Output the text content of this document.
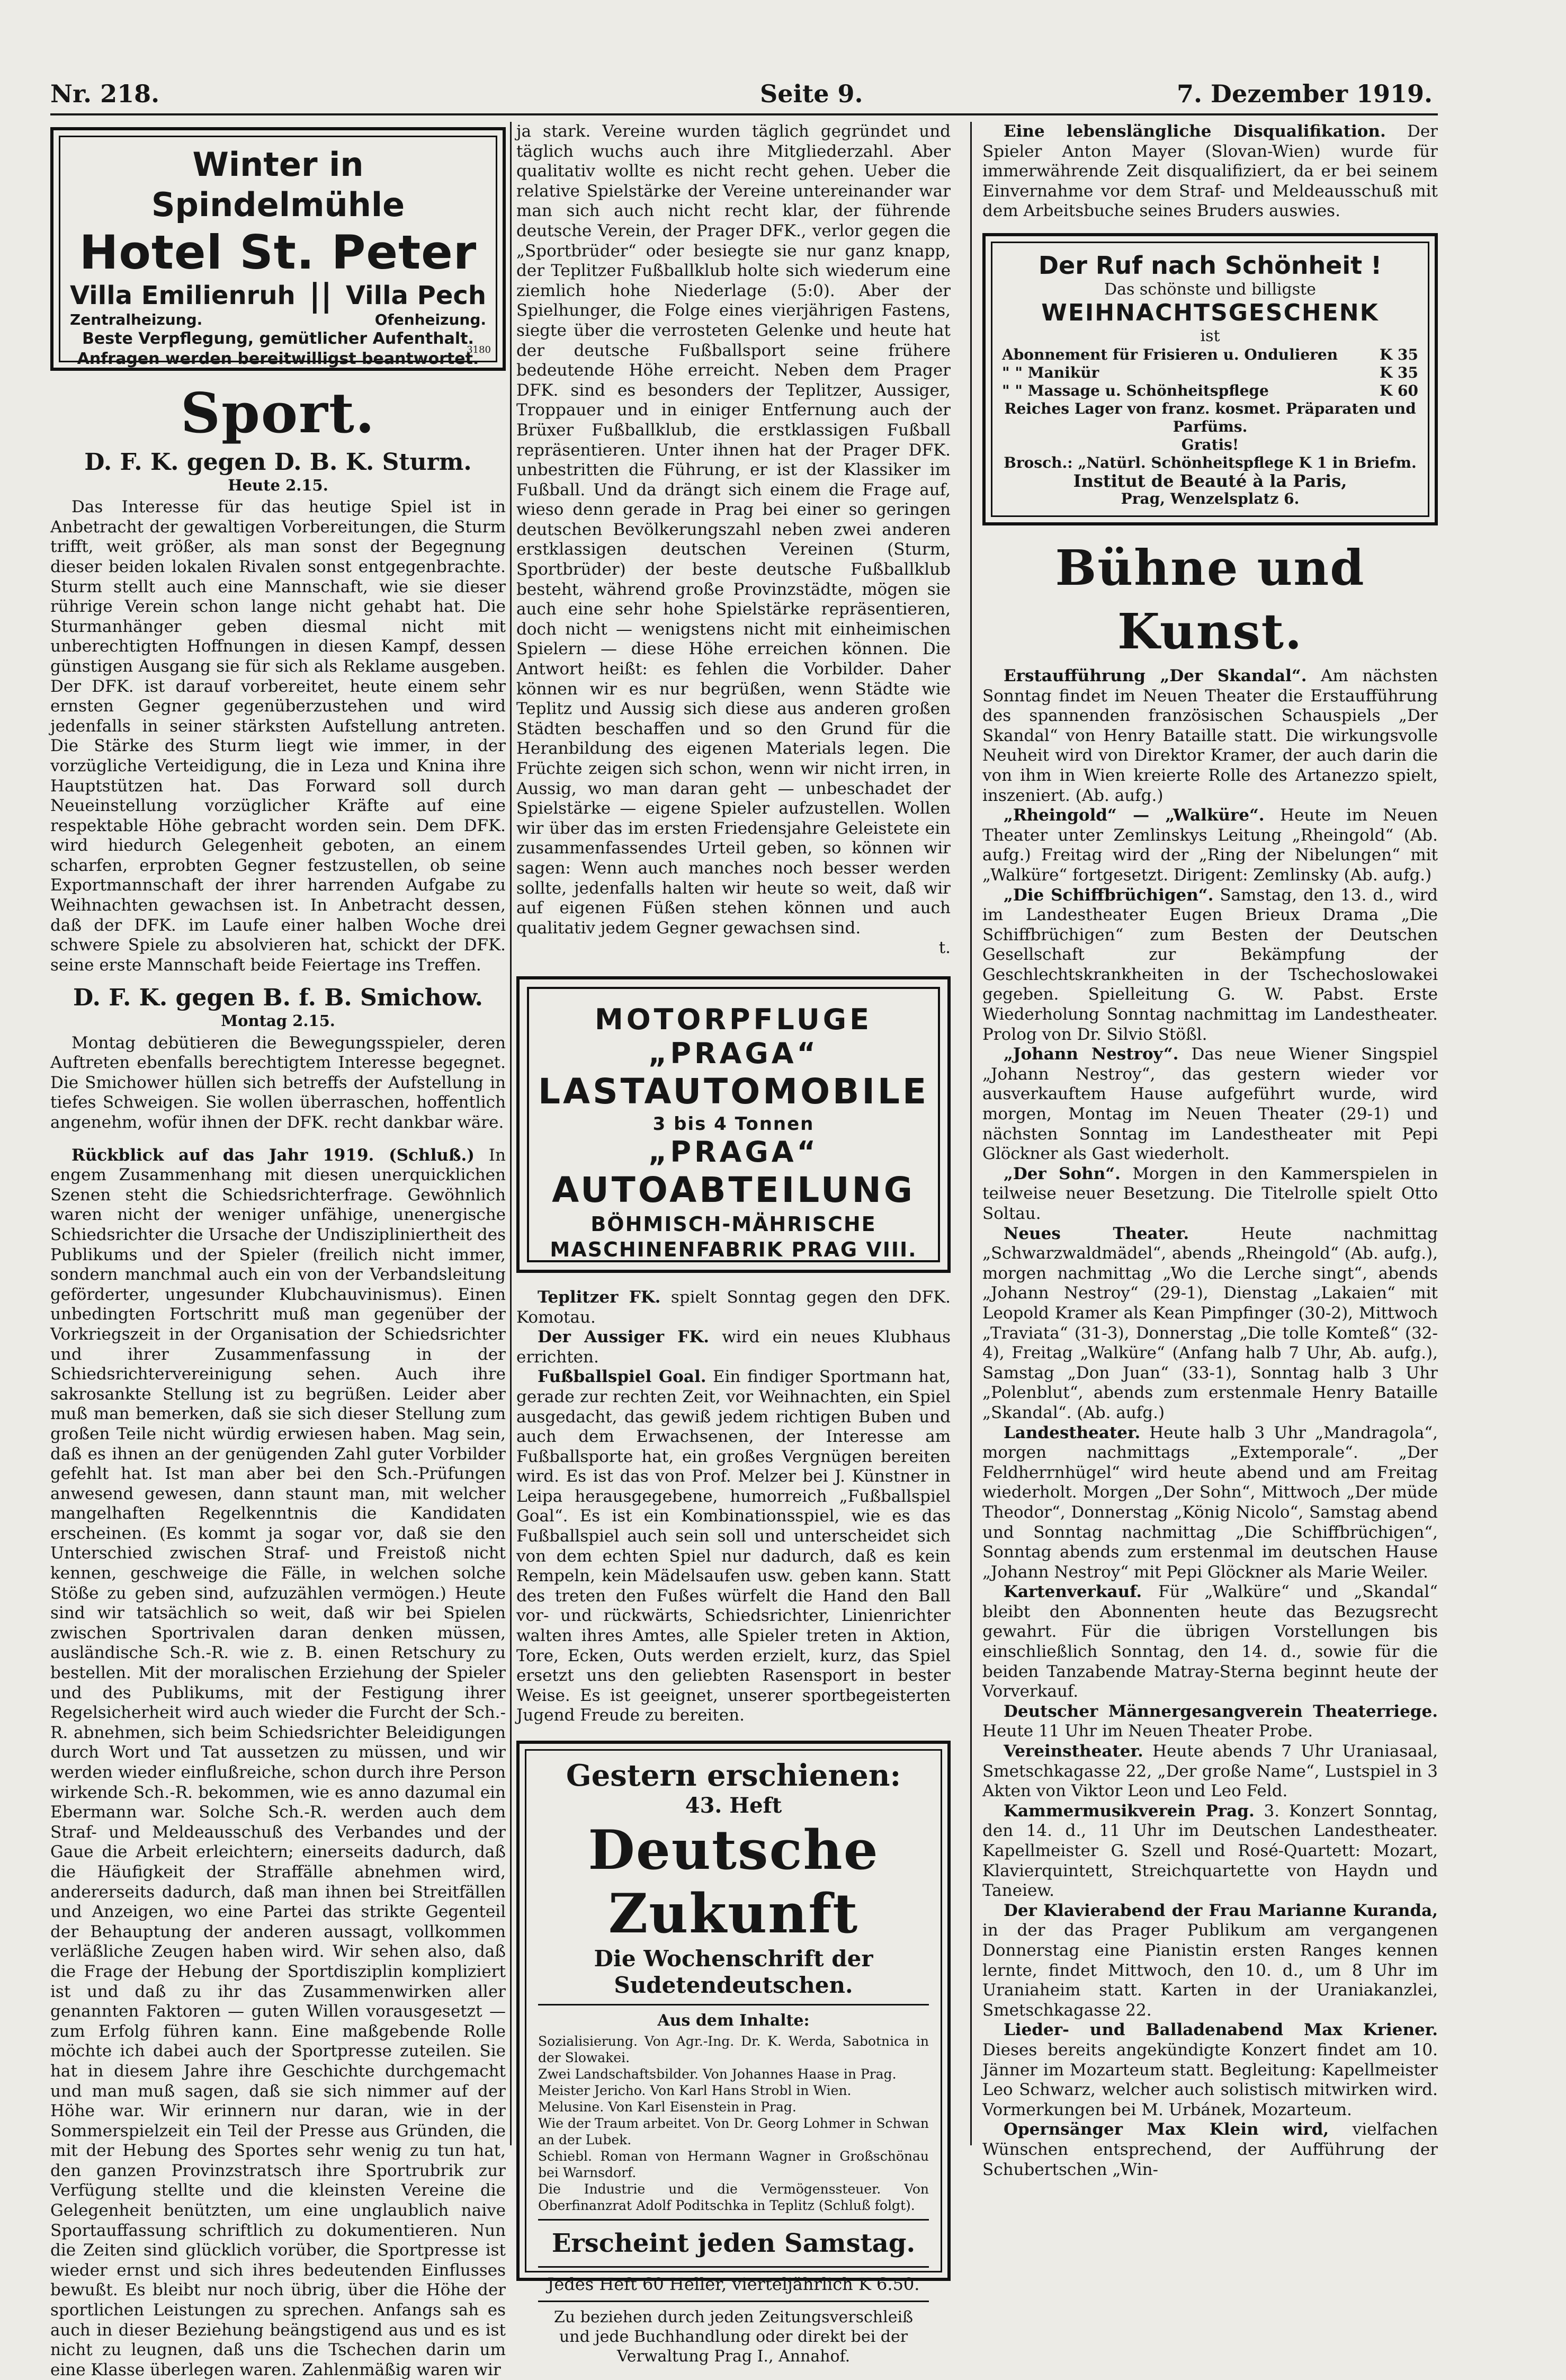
Nr. 218.	Seite 9.	7. Dezember 1919.
Winter in Spindelmühle
Hotel St. Peter
Villa Emilienruh || Villa Pech
Zentralheizung.	Ofenheizung.
Beste Verpflegung, gemütlicher Aufenthalt.
Anfragen werden bereitwilligst beantwortet.
3180
Sport.
D. F. K. gegen D. B. K. Sturm.
Heute 2.15.

Das Interesse für das heutige Spiel ist in Anbetracht der gewaltigen Vorbereitungen, die Sturm trifft, weit größer, als man sonst der Begegnung dieser beiden lokalen Rivalen sonst entgegenbrachte. Sturm stellt auch eine Mannschaft, wie sie dieser rührige Verein schon lange nicht gehabt hat. Die Sturmanhänger geben diesmal nicht mit unberechtigten Hoffnungen in diesen Kampf, dessen günstigen Ausgang sie für sich als Reklame ausgeben. Der DFK. ist darauf vorbereitet, heute einem sehr ernsten Gegner gegenüberzustehen und wird jedenfalls in seiner stärksten Aufstellung antreten. Die Stärke des Sturm liegt wie immer, in der vorzügliche Verteidigung, die in Leza und Knina ihre Hauptstützen hat. Das Forward soll durch Neueinstellung vorzüglicher Kräfte auf eine respektable Höhe gebracht worden sein. Dem DFK. wird hiedurch Gelegenheit geboten, an einem scharfen, erprobten Gegner festzustellen, ob seine Exportmannschaft der ihrer harrenden Aufgabe zu Weihnachten gewachsen ist. In Anbetracht dessen, daß der DFK. im Laufe einer halben Woche drei schwere Spiele zu absolvieren hat, schickt der DFK. seine erste Mannschaft beide Feiertage ins Treffen.

D. F. K. gegen B. f. B. Smichow.
Montag 2.15.

Montag debütieren die Bewegungsspieler, deren Auftreten ebenfalls berechtigtem Interesse begegnet. Die Smichower hüllen sich betreffs der Aufstellung in tiefes Schweigen. Sie wollen überraschen, hoffentlich angenehm, wofür ihnen der DFK. recht dankbar wäre.

Rückblick auf das Jahr 1919. (Schluß.) In engem Zusammenhang mit diesen unerquicklichen Szenen steht die Schiedsrichterfrage. Gewöhnlich waren nicht der weniger unfähige, unenergische Schiedsrichter die Ursache der Undiszipliniertheit des Publikums und der Spieler (freilich nicht immer, sondern manchmal auch ein von der Verbandsleitung geförderter, ungesunder Klubchauvinismus). Einen unbedingten Fortschritt muß man gegenüber der Vorkriegszeit in der Organisation der Schiedsrichter und ihrer Zusammenfassung in der Schiedsrichtervereinigung sehen. Auch ihre sakrosankte Stellung ist zu begrüßen. Leider aber muß man bemerken, daß sie sich dieser Stellung zum großen Teile nicht würdig erwiesen haben. Mag sein, daß es ihnen an der genügenden Zahl guter Vorbilder gefehlt hat. Ist man aber bei den Sch.-Prüfungen anwesend gewesen, dann staunt man, mit welcher mangelhaften Regelkenntnis die Kandidaten erscheinen. (Es kommt ja sogar vor, daß sie den Unterschied zwischen Straf- und Freistoß nicht kennen, geschweige die Fälle, in welchen solche Stöße zu geben sind, aufzuzählen vermögen.) Heute sind wir tatsächlich so weit, daß wir bei Spielen zwischen Sportrivalen daran denken müssen, ausländische Sch.-R. wie z. B. einen Retschury zu bestellen. Mit der moralischen Erziehung der Spieler und des Publikums, mit der Festigung ihrer Regelsicherheit wird auch wieder die Furcht der Sch.-R. abnehmen, sich beim Schiedsrichter Beleidigungen durch Wort und Tat aussetzen zu müssen, und wir werden wieder einflußreiche, schon durch ihre Person wirkende Sch.-R. bekommen, wie es anno dazumal ein Ebermann war. Solche Sch.-R. werden auch dem Straf- und Meldeausschuß des Verbandes und der Gaue die Arbeit erleichtern; einerseits dadurch, daß die Häufigkeit der Straffälle abnehmen wird, andererseits dadurch, daß man ihnen bei Streitfällen und Anzeigen, wo eine Partei das strikte Gegenteil der Behauptung der anderen aussagt, vollkommen verläßliche Zeugen haben wird. Wir sehen also, daß die Frage der Hebung der Sportdisziplin kompliziert ist und daß zu ihr das Zusammenwirken aller genannten Faktoren — guten Willen vorausgesetzt — zum Erfolg führen kann. Eine maßgebende Rolle möchte ich dabei auch der Sportpresse zuteilen. Sie hat in diesem Jahre ihre Geschichte durchgemacht und man muß sagen, daß sie sich nimmer auf der Höhe war. Wir erinnern nur daran, wie in der Sommerspielzeit ein Teil der Presse aus Gründen, die mit der Hebung des Sportes sehr wenig zu tun hat, den ganzen Provinzstratsch ihre Sportrubrik zur Verfügung stellte und die kleinsten Vereine die Gelegenheit benützten, um eine unglaublich naive Sportauffassung schriftlich zu dokumentieren. Nun die Zeiten sind glücklich vorüber, die Sportpresse ist wieder ernst und sich ihres bedeutenden Einflusses bewußt. Es bleibt nur noch übrig, über die Höhe der sportlichen Leistungen zu sprechen. Anfangs sah es auch in dieser Beziehung beängstigend aus und es ist nicht zu leugnen, daß uns die Tschechen darin um eine Klasse überlegen waren. Zahlenmäßig waren wir

ja stark. Vereine wurden täglich gegründet und täglich wuchs auch ihre Mitgliederzahl. Aber qualitativ wollte es nicht recht gehen. Ueber die relative Spielstärke der Vereine untereinander war man sich auch nicht recht klar, der führende deutsche Verein, der Prager DFK., verlor gegen die „Sportbrüder“ oder besiegte sie nur ganz knapp, der Teplitzer Fußballklub holte sich wiederum eine ziemlich hohe Niederlage (5:0). Aber der Spielhunger, die Folge eines vierjährigen Fastens, siegte über die verrosteten Gelenke und heute hat der deutsche Fußballsport seine frühere bedeutende Höhe erreicht. Neben dem Prager DFK. sind es besonders der Teplitzer, Aussiger, Troppauer und in einiger Entfernung auch der Brüxer Fußballklub, die erstklassigen Fußball repräsentieren. Unter ihnen hat der Prager DFK. unbestritten die Führung, er ist der Klassiker im Fußball. Und da drängt sich einem die Frage auf, wieso denn gerade in Prag bei einer so geringen deutschen Bevölkerungszahl neben zwei anderen erstklassigen deutschen Vereinen (Sturm, Sportbrüder) der beste deutsche Fußballklub besteht, während große Provinzstädte, mögen sie auch eine sehr hohe Spielstärke repräsentieren, doch nicht — wenigstens nicht mit einheimischen Spielern — diese Höhe erreichen können. Die Antwort heißt: es fehlen die Vorbilder. Daher können wir es nur begrüßen, wenn Städte wie Teplitz und Aussig sich diese aus anderen großen Städten beschaffen und so den Grund für die Heranbildung des eigenen Materials legen. Die Früchte zeigen sich schon, wenn wir nicht irren, in Aussig, wo man daran geht — unbeschadet der Spielstärke — eigene Spieler aufzustellen. Wollen wir über das im ersten Friedensjahre Geleistete ein zusammenfassendes Urteil geben, so können wir sagen: Wenn auch manches noch besser werden sollte, jedenfalls halten wir heute so weit, daß wir auf eigenen Füßen stehen können und auch qualitativ jedem Gegner gewachsen sind.

t.

MOTORPFLUGE
„PRAGA“
LASTAUTOMOBILE
3 bis 4 Tonnen
„PRAGA“
AUTOABTEILUNG
BÖHMISCH-MÄHRISCHE
MASCHINENFABRIK PRAG VIII.

Teplitzer FK. spielt Sonntag gegen den DFK. Komotau.

Der Aussiger FK. wird ein neues Klubhaus errichten.

Fußballspiel Goal. Ein findiger Sportmann hat, gerade zur rechten Zeit, vor Weihnachten, ein Spiel ausgedacht, das gewiß jedem richtigen Buben und auch dem Erwachsenen, der Interesse am Fußballsporte hat, ein großes Vergnügen bereiten wird. Es ist das von Prof. Melzer bei J. Künstner in Leipa herausgegebene, humorreich „Fußballspiel Goal“. Es ist ein Kombinationsspiel, wie es das Fußballspiel auch sein soll und unterscheidet sich von dem echten Spiel nur dadurch, daß es kein Rempeln, kein Mädelsaufen usw. geben kann. Statt des treten den Fußes würfelt die Hand den Ball vor- und rückwärts, Schiedsrichter, Linienrichter walten ihres Amtes, alle Spieler treten in Aktion, Tore, Ecken, Outs werden erzielt, kurz, das Spiel ersetzt uns den geliebten Rasensport in bester Weise. Es ist geeignet, unserer sportbegeisterten Jugend Freude zu bereiten.

Gestern erschienen:
43. Heft
Deutsche Zukunft
Die Wochenschrift der Sudetendeutschen.
Aus dem Inhalte:
Sozialisierung. Von Agr.-Ing. Dr. K. Werda, Sabotnica in der Slowakei.
Zwei Landschaftsbilder. Von Johannes Haase in Prag.
Meister Jericho. Von Karl Hans Strobl in Wien.
Melusine. Von Karl Eisenstein in Prag.
Wie der Traum arbeitet. Von Dr. Georg Lohmer in Schwan an der Lubek.
Schiebl. Roman von Hermann Wagner in Großschönau bei Warnsdorf.
Die Industrie und die Vermögenssteuer. Von Oberfinanzrat Adolf Poditschka in Teplitz (Schluß folgt).
Erscheint jeden Samstag.
Jedes Heft 60 Heller, vierteljährlich K 6.50.
Zu beziehen durch jeden Zeitungsverschleiß und jede Buchhandlung oder direkt bei der Verwaltung Prag I., Annahof.

Eine lebenslängliche Disqualifikation. Der Spieler Anton Mayer (Slovan-Wien) wurde für immerwährende Zeit disqualifiziert, da er bei seinem Einvernahme vor dem Straf- und Meldeausschuß mit dem Arbeitsbuche seines Bruders auswies.

Der Ruf nach Schönheit !
Das schönste und billigste
WEIHNACHTSGESCHENK
ist
Abonnement für Frisieren u. Ondulieren	K 35
" " Manikür	K 35
" " Massage u. Schönheitspflege	K 60
Reiches Lager von franz. kosmet. Präparaten und Parfüms.
Gratis!
Brosch.: „Natürl. Schönheitspflege K 1 in Briefm.
Institut de Beauté à la Paris,
Prag, Wenzelsplatz 6.
Bühne und Kunst.

Erstaufführung „Der Skandal“. Am nächsten Sonntag findet im Neuen Theater die Erstaufführung des spannenden französischen Schauspiels „Der Skandal“ von Henry Bataille statt. Die wirkungsvolle Neuheit wird von Direktor Kramer, der auch darin die von ihm in Wien kreierte Rolle des Artanezzo spielt, inszeniert. (Ab. aufg.)

„Rheingold“ — „Walküre“. Heute im Neuen Theater unter Zemlinskys Leitung „Rheingold“ (Ab. aufg.) Freitag wird der „Ring der Nibelungen“ mit „Walküre“ fortgesetzt. Dirigent: Zemlinsky (Ab. aufg.)

„Die Schiffbrüchigen“. Samstag, den 13. d., wird im Landestheater Eugen Brieux Drama „Die Schiffbrüchigen“ zum Besten der Deutschen Gesellschaft zur Bekämpfung der Geschlechtskrankheiten in der Tschechoslowakei gegeben. Spielleitung G. W. Pabst. Erste Wiederholung Sonntag nachmittag im Landestheater. Prolog von Dr. Silvio Stößl.

„Johann Nestroy“. Das neue Wiener Singspiel „Johann Nestroy“, das gestern wieder vor ausverkauftem Hause aufgeführt wurde, wird morgen, Montag im Neuen Theater (29-1) und nächsten Sonntag im Landestheater mit Pepi Glöckner als Gast wiederholt.

„Der Sohn“. Morgen in den Kammerspielen in teilweise neuer Besetzung. Die Titelrolle spielt Otto Soltau.

Neues Theater.	Heute nachmittag „Schwarzwaldmädel“, abends „Rheingold“ (Ab. aufg.), morgen nachmittag „Wo die Lerche singt“, abends „Johann Nestroy“ (29-1), Dienstag „Lakaien“ mit Leopold Kramer als Kean Pimpfinger (30-2), Mittwoch „Traviata“ (31-3), Donnerstag „Die tolle Komteß“ (32-4), Freitag „Walküre“ (Anfang halb 7 Uhr, Ab. aufg.), Samstag „Don Juan“ (33-1), Sonntag halb 3 Uhr „Polenblut“, abends zum erstenmale Henry Bataille „Skandal“. (Ab. aufg.)

Landestheater. Heute halb 3 Uhr „Mandragola“, morgen nachmittags „Extemporale“. „Der Feldherrnhügel“ wird heute abend und am Freitag wiederholt. Morgen „Der Sohn“, Mittwoch „Der müde Theodor“, Donnerstag „König Nicolo“, Samstag abend und Sonntag nachmittag „Die Schiffbrüchigen“, Sonntag abends zum erstenmal im deutschen Hause „Johann Nestroy“ mit Pepi Glöckner als Marie Weiler.

Kartenverkauf. Für „Walküre“ und „Skandal“ bleibt den Abonnenten heute das Bezugsrecht gewahrt. Für die übrigen Vorstellungen bis einschließlich Sonntag, den 14. d., sowie für die beiden Tanzabende Matray-Sterna beginnt heute der Vorverkauf.

Deutscher Männergesangverein Theaterriege. Heute 11 Uhr im Neuen Theater Probe.

Vereinstheater. Heute abends 7 Uhr Uraniasaal, Smetschkagasse 22, „Der große Name“, Lustspiel in 3 Akten von Viktor Leon und Leo Feld.

Kammermusikverein Prag. 3. Konzert Sonntag, den 14. d., 11 Uhr im Deutschen Landestheater. Kapellmeister G. Szell und Rosé-Quartett: Mozart, Klavierquintett, Streichquartette von Haydn und Taneiew.

Der Klavierabend der Frau Marianne Kuranda, in der das Prager Publikum am vergangenen Donnerstag eine Pianistin ersten Ranges kennen lernte, findet Mittwoch, den 10. d., um 8 Uhr im Uraniaheim statt. Karten in der Uraniakanzlei, Smetschkagasse 22.

Lieder- und Balladenabend Max Kriener. Dieses bereits angekündigte Konzert findet am 10. Jänner im Mozarteum statt. Begleitung: Kapellmeister Leo Schwarz, welcher auch solistisch mitwirken wird. Vormerkungen bei M. Urbánek, Mozarteum.

Opernsänger Max Klein wird, vielfachen Wünschen entsprechend, der Aufführung der Schubertschen „Win-
